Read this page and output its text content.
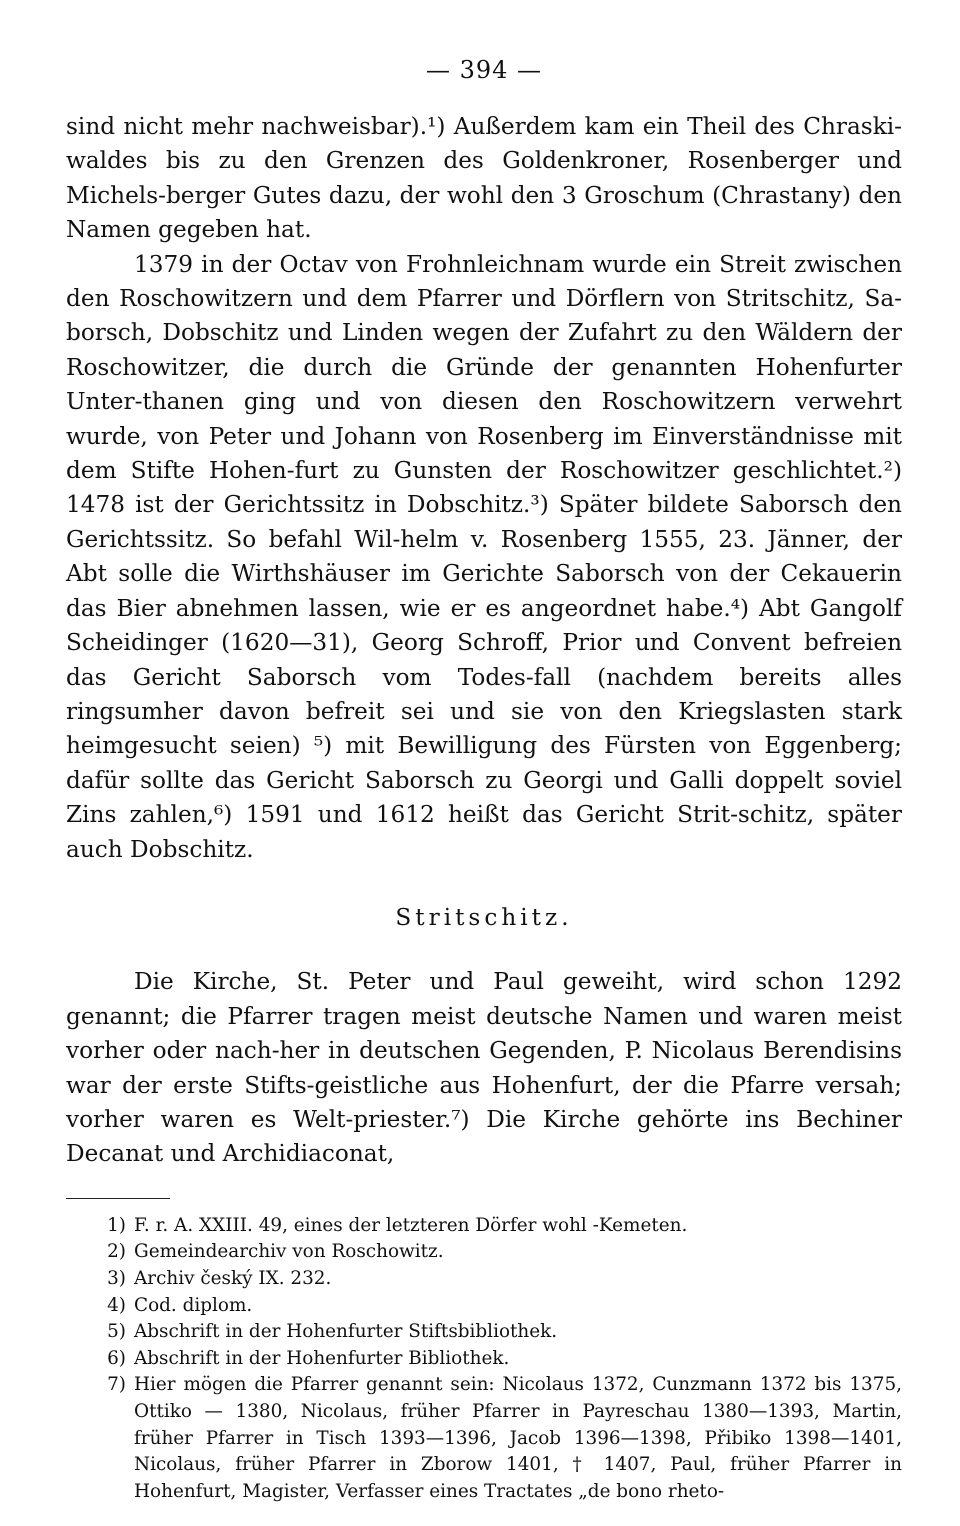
— 394 —

sind nicht mehr nachweisbar).¹) Außerdem kam ein Theil des Chraski-waldes bis zu den Grenzen des Goldenkroner, Rosenberger und Michels-berger Gutes dazu, der wohl den 3 Groschum (Chrastany) den Namen gegeben hat.

1379 in der Octav von Frohnleichnam wurde ein Streit zwischen den Roschowitzern und dem Pfarrer und Dörflern von Stritschitz, Sa-borsch, Dobschitz und Linden wegen der Zufahrt zu den Wäldern der Roschowitzer, die durch die Gründe der genannten Hohenfurter Unter-thanen ging und von diesen den Roschowitzern verwehrt wurde, von Peter und Johann von Rosenberg im Einverständnisse mit dem Stifte Hohen-furt zu Gunsten der Roschowitzer geschlichtet.²) 1478 ist der Gerichtssitz in Dobschitz.³) Später bildete Saborsch den Gerichtssitz. So befahl Wil-helm v. Rosenberg 1555, 23. Jänner, der Abt solle die Wirthshäuser im Gerichte Saborsch von der Cekauerin das Bier abnehmen lassen, wie er es angeordnet habe.⁴) Abt Gangolf Scheidinger (1620—31), Georg Schroff, Prior und Convent befreien das Gericht Saborsch vom Todes-fall (nachdem bereits alles ringsumher davon befreit sei und sie von den Kriegslasten stark heimgesucht seien) ⁵) mit Bewilligung des Fürsten von Eggenberg; dafür sollte das Gericht Saborsch zu Georgi und Galli doppelt soviel Zins zahlen,⁶) 1591 und 1612 heißt das Gericht Strit-schitz, später auch Dobschitz.

Stritschitz.

Die Kirche, St. Peter und Paul geweiht, wird schon 1292 genannt; die Pfarrer tragen meist deutsche Namen und waren meist vorher oder nach-her in deutschen Gegenden, P. Nicolaus Berendisins war der erste Stifts-geistliche aus Hohenfurt, der die Pfarre versah; vorher waren es Welt-priester.⁷) Die Kirche gehörte ins Bechiner Decanat und Archidiaconat,

1) F. r. A. XXIII. 49, eines der letzteren Dörfer wohl -Kemeten.
2) Gemeindearchiv von Roschowitz.
3) Archiv český IX. 232.
4) Cod. diplom.
5) Abschrift in der Hohenfurter Stiftsbibliothek.
6) Abschrift in der Hohenfurter Bibliothek.
7) Hier mögen die Pfarrer genannt sein: Nicolaus 1372, Cunzmann 1372 bis 1375, Ottiko — 1380, Nicolaus, früher Pfarrer in Payreschau 1380—1393, Martin, früher Pfarrer in Tisch 1393—1396, Jacob 1396—1398, Přibiko 1398—1401, Nicolaus, früher Pfarrer in Zborow 1401, † 1407, Paul, früher Pfarrer in Hohenfurt, Magister, Verfasser eines Tractates „de bono rheto-
